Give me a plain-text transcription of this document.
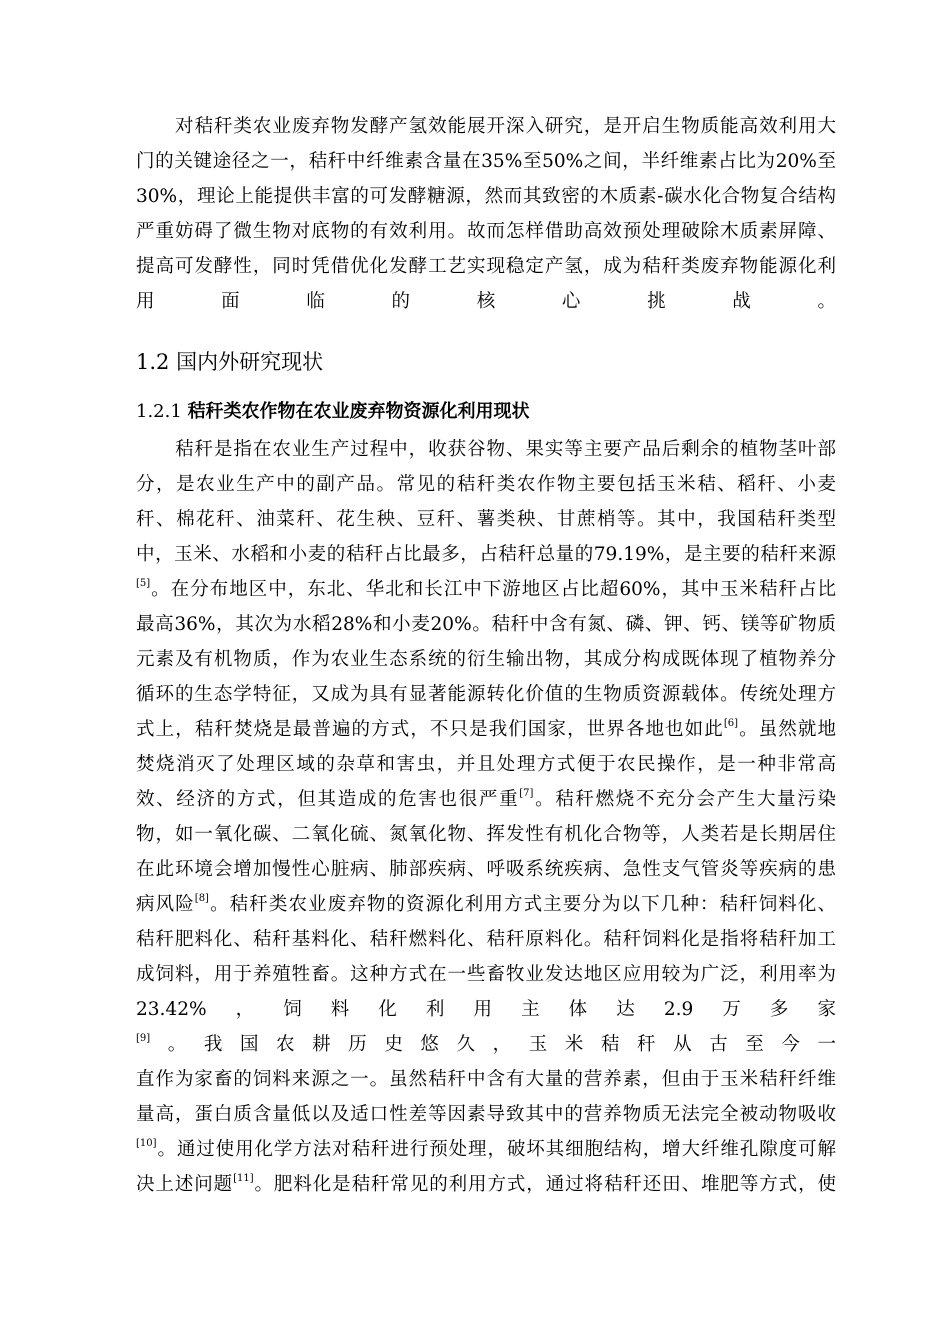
对秸秆类农业废弃物发酵产氢效能展开深入研究，是开启生物质能高效利用大
门的关键途径之一，秸秆中纤维素含量在35%至50%之间，半纤维素占比为20%至
30%，理论上能提供丰富的可发酵糖源，然而其致密的木质素-碳水化合物复合结构
严重妨碍了微生物对底物的有效利用。故而怎样借助高效预处理破除木质素屏障、
提高可发酵性，同时凭借优化发酵工艺实现稳定产氢，成为秸秆类废弃物能源化利
用面临的核心挑战。
1.2 国内外研究现状
1.2.1 秸秆类农作物在农业废弃物资源化利用现状
秸秆是指在农业生产过程中，收获谷物、果实等主要产品后剩余的植物茎叶部
分，是农业生产中的副产品。常见的秸秆类农作物主要包括玉米秸、稻秆、小麦
秆、棉花秆、油菜秆、花生秧、豆秆、薯类秧、甘蔗梢等。其中，我国秸秆类型
中，玉米、水稻和小麦的秸秆占比最多，占秸秆总量的79.19%，是主要的秸秆来源
[5]。在分布地区中，东北、华北和长江中下游地区占比超60%，其中玉米秸秆占比
最高36%，其次为水稻28%和小麦20%。秸秆中含有氮、磷、钾、钙、镁等矿物质
元素及有机物质，作为农业生态系统的衍生输出物，其成分构成既体现了植物养分
循环的生态学特征，又成为具有显著能源转化价值的生物质资源载体。传统处理方
式上，秸秆焚烧是最普遍的方式，不只是我们国家，世界各地也如此[6]。虽然就地
焚烧消灭了处理区域的杂草和害虫，并且处理方式便于农民操作，是一种非常高
效、经济的方式，但其造成的危害也很严重[7]。秸秆燃烧不充分会产生大量污染
物，如一氧化碳、二氧化硫、氮氧化物、挥发性有机化合物等，人类若是长期居住
在此环境会增加慢性心脏病、肺部疾病、呼吸系统疾病、急性支气管炎等疾病的患
病风险[8]。秸秆类农业废弃物的资源化利用方式主要分为以下几种：秸秆饲料化、
秸秆肥料化、秸秆基料化、秸秆燃料化、秸秆原料化。秸秆饲料化是指将秸秆加工
成饲料，用于养殖牲畜。这种方式在一些畜牧业发达地区应用较为广泛，利用率为
23.42%，饲料化利用主体达2.9万多家
[9]。我国农耕历史悠久，玉米秸秆从古至今一
直作为家畜的饲料来源之一。虽然秸秆中含有大量的营养素，但由于玉米秸秆纤维
量高，蛋白质含量低以及适口性差等因素导致其中的营养物质无法完全被动物吸收
[10]。通过使用化学方法对秸秆进行预处理，破坏其细胞结构，增大纤维孔隙度可解
决上述问题[11]。肥料化是秸秆常见的利用方式，通过将秸秆还田、堆肥等方式，使
